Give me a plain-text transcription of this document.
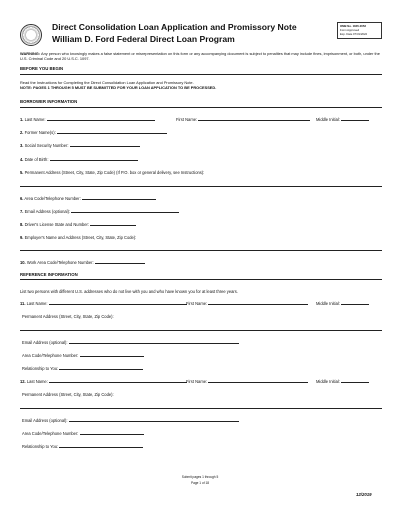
Direct Consolidation Loan Application and Promissory Note
William D. Ford Federal Direct Loan Program
OMB No. 1845-0053
Form Approved
Exp. Date 07/31/2022
WARNING: Any person who knowingly makes a false statement or misrepresentation on this form or any accompanying document is subject to penalties that may include fines, imprisonment, or both, under the U.S. Criminal Code and 20 U.S.C. 1097.
BEFORE YOU BEGIN
Read the Instructions for Completing the Direct Consolidation Loan Application and Promissory Note.
NOTE: PAGES 1 THROUGH 5 MUST BE SUBMITTED FOR YOUR LOAN APPLICATION TO BE PROCESSED.
BORROWER INFORMATION
1. Last Name:	First Name:	Middle Initial:
2. Former Name(s):
3. Social Security Number:
4. Date of Birth:
5. Permanent Address (Street, City, State, Zip Code) (If P.O. box or general delivery, see Instructions):
6. Area Code/Telephone Number:
7. Email Address (optional):
8. Driver's License State and Number:
9. Employer's Name and Address (Street, City, State, Zip Code):
10. Work Area Code/Telephone Number:
REFERENCE INFORMATION
List two persons with different U.S. addresses who do not live with you and who have known you for at least three years.
11. Last Name:	First Name:	Middle Initial:
Permanent Address (Street, City, State, Zip Code):
Email Address (optional):
Area Code/Telephone Number:
Relationship to You:
12. Last Name:	First Name:	Middle Initial:
Permanent Address (Street, City, State, Zip Code):
Email Address (optional):
Area Code/Telephone Number:
Relationship to You:
Submit pages 1 through 5
Page 1 of 18
12/2019
